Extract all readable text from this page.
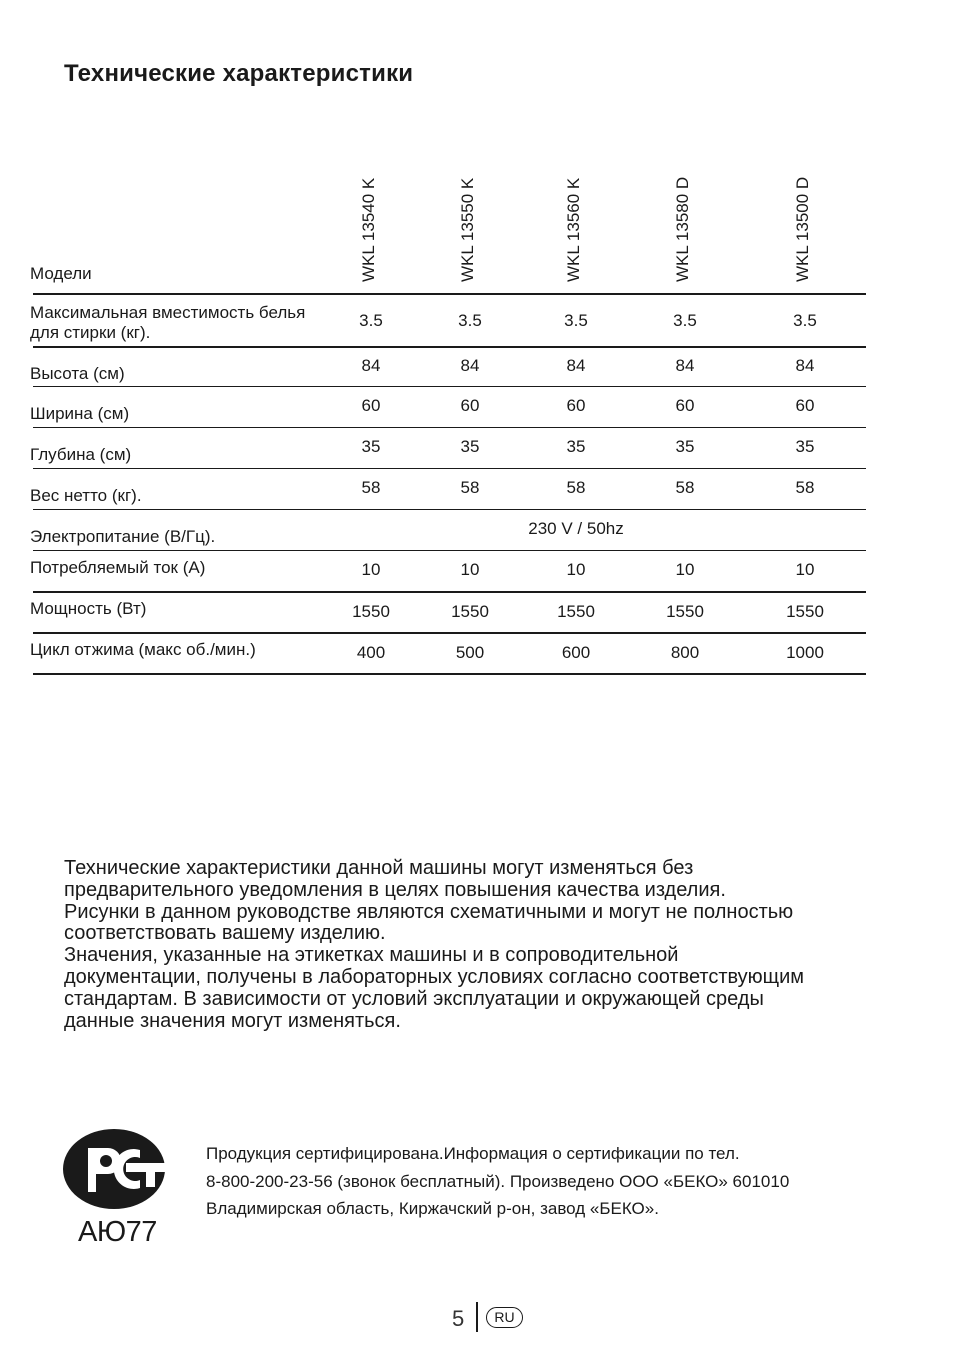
Технические характеристики
Модели	WKL 13540 K	WKL 13550 K	WKL 13560 K	WKL 13580 D	WKL 13500 D
Максимальная вместимость белья
для стирки (кг).
3.5	3.5	3.5	3.5	3.5
Высота (см)	84	84	84	84	84
Ширина (см)	60	60	60	60	60
Глубина (см)	35	35	35	35	35
Вес нетто (кг).	58	58	58	58	58
Электропитание (В/Гц).	230 V / 50hz
Потребляемый ток (A)	10	10	10	10	10
Мощность (Вт)	1550	1550	1550	1550	1550
Цикл отжима (макс об./мин.)	400	500	600	800	1000
Технические характеристики данной машины могут изменяться без
предварительного уведомления в целях повышения качества изделия.
Рисунки в данном руководстве являются схематичными и могут не полностью
соответствовать вашему изделию.
Значения, указанные на этикетках машины и в сопроводительной
документации, получены в лабораторных условиях согласно соответствующим
стандартам. В зависимости от условий эксплуатации и окружающей среды
данные значения могут изменяться.
АЮ77
Продукция сертифицирована.Информация о сертификации по тел.
8-800-200-23-56 (звонок бесплатный). Произведено ООО «БЕКО» 601010
Владимирская область, Киржачский р-он, завод «БЕКО».
5	RU
